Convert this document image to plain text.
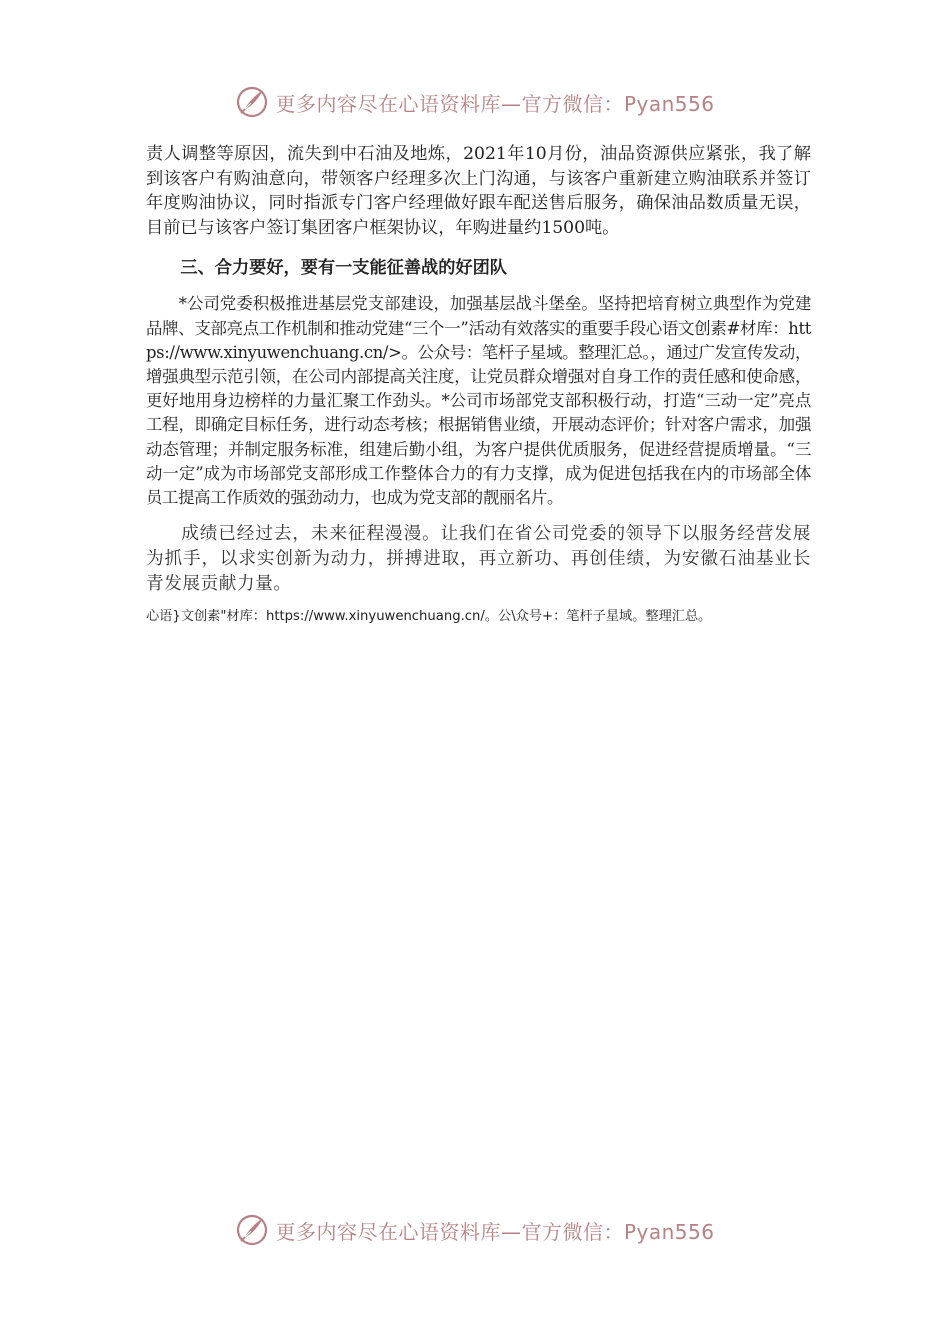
更多内容尽在心语资料库—官方微信：Pyan556

责人调整等原因，流失到中石油及地炼，2021年10月份，油品资源供应紧张，我了解到该客户有购油意向，带领客户经理多次上门沟通，与该客户重新建立购油联系并签订年度购油协议，同时指派专门客户经理做好跟车配送售后服务，确保油品数质量无误，目前已与该客户签订集团客户框架协议，年购进量约1500吨。

三、合力要好，要有一支能征善战的好团队

*公司党委积极推进基层党支部建设，加强基层战斗堡垒。坚持把培育树立典型作为党建品牌、支部亮点工作机制和推动党建“三个一”活动有效落实的重要手段心语文创素#材库：https://www.xinyuwenchuang.cn/>。公众号：笔杆子星域。整理汇总。，通过广发宣传发动，增强典型示范引领，在公司内部提高关注度，让党员群众增强对自身工作的责任感和使命感，更好地用身边榜样的力量汇聚工作劲头。*公司市场部党支部积极行动，打造“三动一定”亮点工程，即确定目标任务，进行动态考核；根据销售业绩，开展动态评价；针对客户需求，加强动态管理；并制定服务标准，组建后勤小组，为客户提供优质服务，促进经营提质增量。“三动一定”成为市场部党支部形成工作整体合力的有力支撑，成为促进包括我在内的市场部全体员工提高工作质效的强劲动力，也成为党支部的靓丽名片。

成绩已经过去，未来征程漫漫。让我们在省公司党委的领导下以服务经营发展为抓手，以求实创新为动力，拼搏进取，再立新功、再创佳绩，为安徽石油基业长青发展贡献力量。

心语}文创素"材库：https://www.xinyuwenchuang.cn/。公\众号+：笔杆子星域。整理汇总。
更多内容尽在心语资料库—官方微信：Pyan556
